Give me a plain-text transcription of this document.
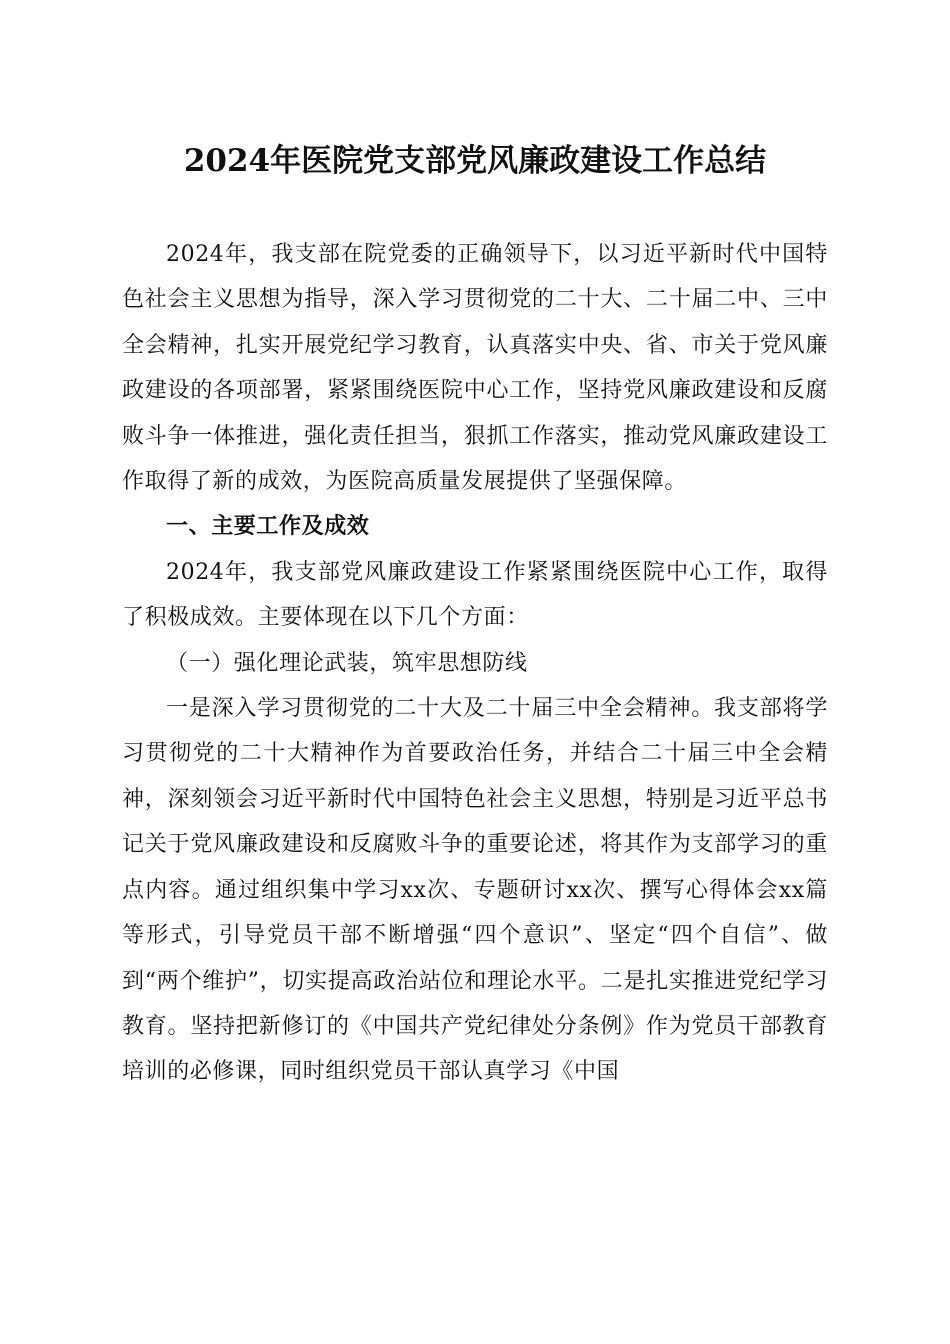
2024年医院党支部党风廉政建设工作总结

2024年，我支部在院党委的正确领导下，以习近平新时代中国特色社会主义思想为指导，深入学习贯彻党的二十大、二十届二中、三中全会精神，扎实开展党纪学习教育，认真落实中央、省、市关于党风廉政建设的各项部署，紧紧围绕医院中心工作，坚持党风廉政建设和反腐败斗争一体推进，强化责任担当，狠抓工作落实，推动党风廉政建设工作取得了新的成效，为医院高质量发展提供了坚强保障。

一、主要工作及成效

2024年，我支部党风廉政建设工作紧紧围绕医院中心工作，取得了积极成效。主要体现在以下几个方面：

（一）强化理论武装，筑牢思想防线

一是深入学习贯彻党的二十大及二十届三中全会精神。我支部将学习贯彻党的二十大精神作为首要政治任务，并结合二十届三中全会精神，深刻领会习近平新时代中国特色社会主义思想，特别是习近平总书记关于党风廉政建设和反腐败斗争的重要论述，将其作为支部学习的重点内容。通过组织集中学习xx次、专题研讨xx次、撰写心得体会xx篇等形式，引导党员干部不断增强“四个意识”、坚定“四个自信”、做到“两个维护”，切实提高政治站位和理论水平。二是扎实推进党纪学习教育。坚持把新修订的《中国共产党纪律处分条例》作为党员干部教育培训的必修课，同时组织党员干部认真学习《中国
